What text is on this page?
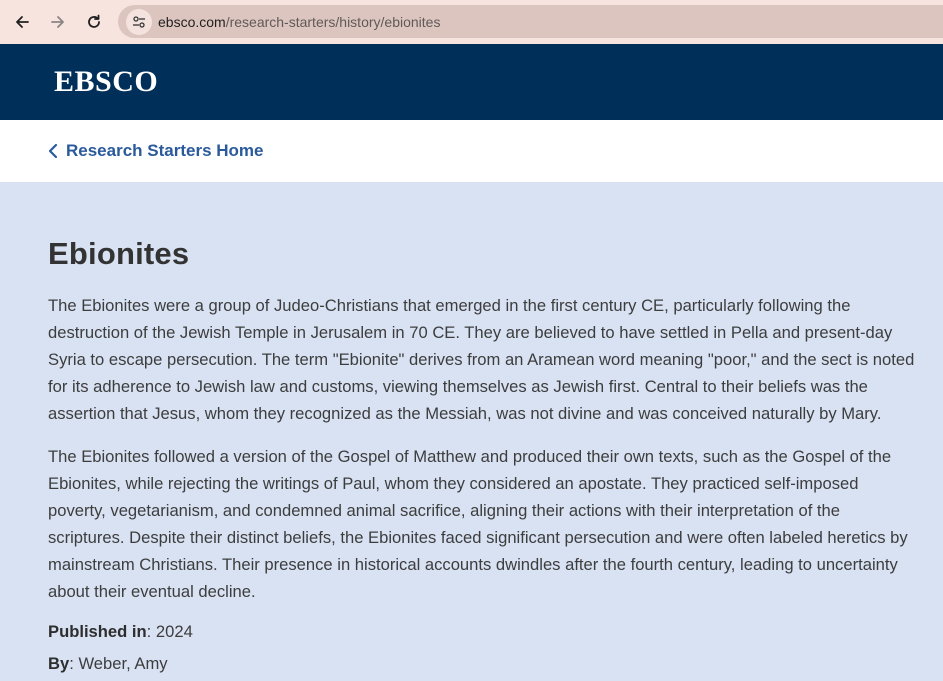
ebsco.com/research-starters/history/ebionites
EBSCO
Research Starters Home
Ebionites

The Ebionites were a group of Judeo-Christians that emerged in the first century CE, particularly following the destruction of the Jewish Temple in Jerusalem in 70 CE. They are believed to have settled in Pella and present-day Syria to escape persecution. The term "Ebionite" derives from an Aramean word meaning "poor," and the sect is noted for its adherence to Jewish law and customs, viewing themselves as Jewish first. Central to their beliefs was the assertion that Jesus, whom they recognized as the Messiah, was not divine and was conceived naturally by Mary.

The Ebionites followed a version of the Gospel of Matthew and produced their own texts, such as the Gospel of the Ebionites, while rejecting the writings of Paul, whom they considered an apostate. They practiced self-imposed poverty, vegetarianism, and condemned animal sacrifice, aligning their actions with their interpretation of the scriptures. Despite their distinct beliefs, the Ebionites faced significant persecution and were often labeled heretics by mainstream Christians. Their presence in historical accounts dwindles after the fourth century, leading to uncertainty about their eventual decline.

Published in: 2024
By: Weber, Amy
